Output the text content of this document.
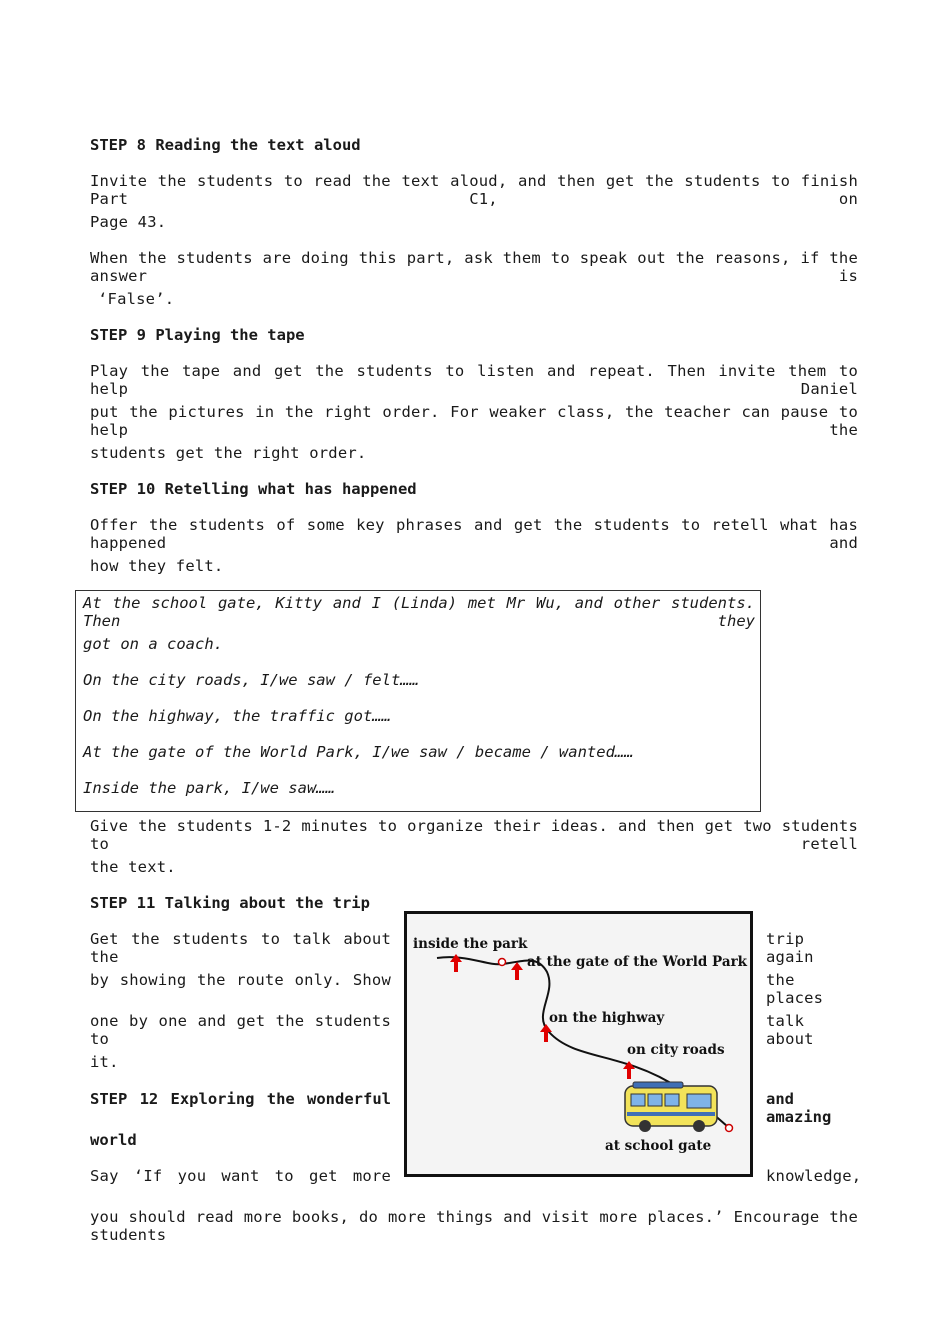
STEP 8 Reading the text aloud
Invite the students to read the text aloud, and then get the students to finish Part C1, on
Page 43.
When the students are doing this part, ask them to speak out the reasons, if the answer is
‘False’.
STEP 9 Playing the tape
Play the tape and get the students to listen and repeat. Then invite them to help Daniel
put the pictures in the right order. For weaker class, the teacher can pause to help the
students get the right order.
STEP 10 Retelling what has happened
Offer the students of some key phrases and get the students to retell what has happened and
how they felt.
At the school gate, Kitty and I (Linda) met Mr Wu, and other students. Then they
got on a coach.
On the city roads, I/we saw / felt……
On the highway, the traffic got……
At the gate of the World Park, I/we saw / became / wanted……
Inside the park, I/we saw……
Give the students 1-2 minutes to organize their ideas. and then get two students to retell
the text.
STEP 11 Talking about the trip
Get the students to talk about the
by showing the route only. Show
one by one and get the students to
it.
trip again
the places
talk about
STEP 12 Exploring the wonderful	and amazing
world
Say ‘If you want to get more	knowledge,
you should read more books, do more things and visit more places.’ Encourage the students
inside the park
at the gate of the World Park
on the highway
on city roads
at school gate
